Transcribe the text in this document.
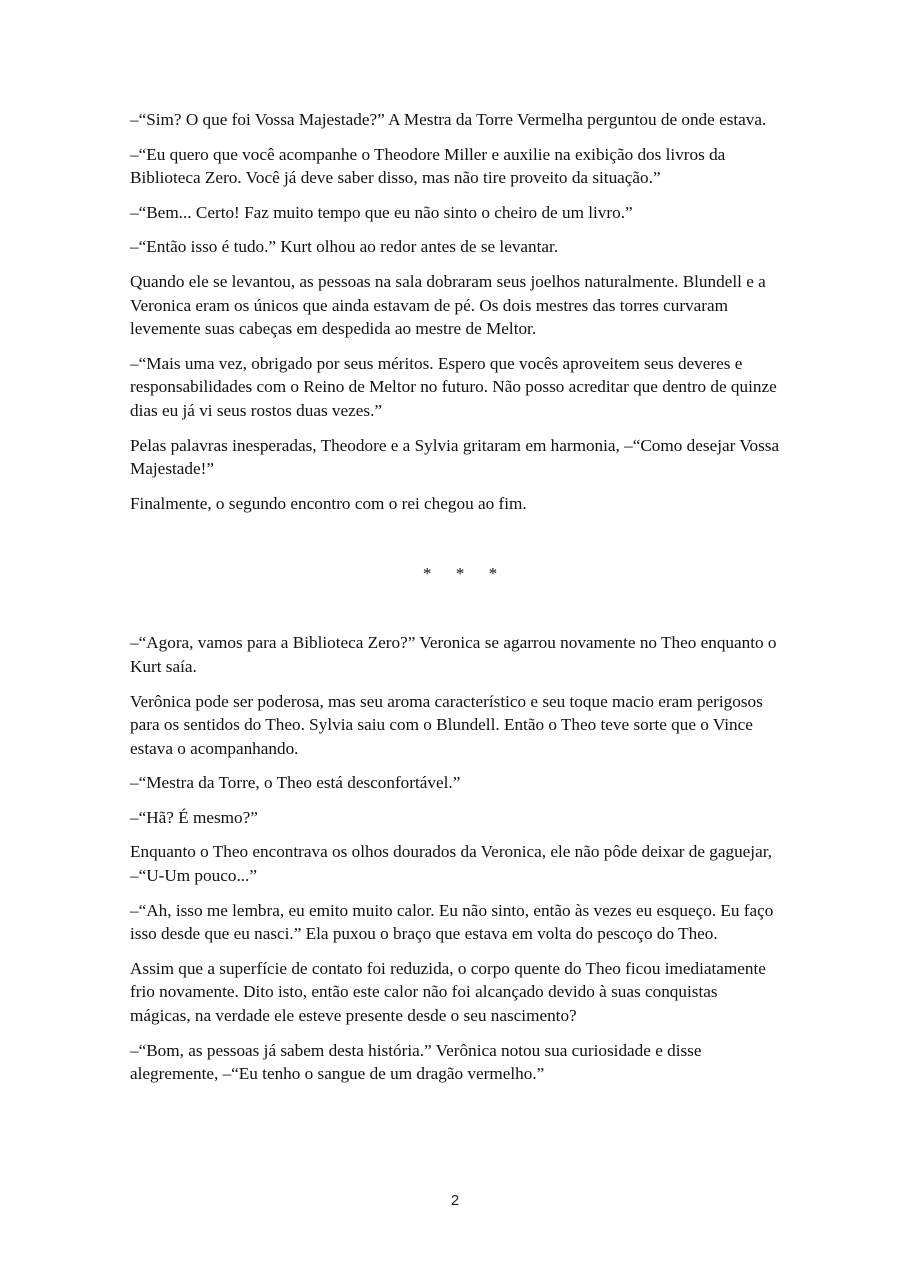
–“Sim? O que foi Vossa Majestade?” A Mestra da Torre Vermelha perguntou de onde estava.

–“Eu quero que você acompanhe o Theodore Miller e auxilie na exibição dos livros da Biblioteca Zero. Você já deve saber disso, mas não tire proveito da situação.”

–“Bem... Certo! Faz muito tempo que eu não sinto o cheiro de um livro.”

–“Então isso é tudo.” Kurt olhou ao redor antes de se levantar.

Quando ele se levantou, as pessoas na sala dobraram seus joelhos naturalmente. Blundell e a Veronica eram os únicos que ainda estavam de pé. Os dois mestres das torres curvaram levemente suas cabeças em despedida ao mestre de Meltor.

–“Mais uma vez, obrigado por seus méritos. Espero que vocês aproveitem seus deveres e responsabilidades com o Reino de Meltor no futuro. Não posso acreditar que dentro de quinze dias eu já vi seus rostos duas vezes.”

Pelas palavras inesperadas, Theodore e a Sylvia gritaram em harmonia, –“Como desejar Vossa Majestade!”

Finalmente, o segundo encontro com o rei chegou ao fim.

* * *

–“Agora, vamos para a Biblioteca Zero?” Veronica se agarrou novamente no Theo enquanto o Kurt saía.

Verônica pode ser poderosa, mas seu aroma característico e seu toque macio eram perigosos para os sentidos do Theo. Sylvia saiu com o Blundell. Então o Theo teve sorte que o Vince estava o acompanhando.

–“Mestra da Torre, o Theo está desconfortável.”

–“Hã? É mesmo?”

Enquanto o Theo encontrava os olhos dourados da Veronica, ele não pôde deixar de gaguejar, –“U-Um pouco...”

–“Ah, isso me lembra, eu emito muito calor. Eu não sinto, então às vezes eu esqueço. Eu faço isso desde que eu nasci.” Ela puxou o braço que estava em volta do pescoço do Theo.

Assim que a superfície de contato foi reduzida, o corpo quente do Theo ficou imediatamente frio novamente. Dito isto, então este calor não foi alcançado devido à suas conquistas mágicas, na verdade ele esteve presente desde o seu nascimento?

–“Bom, as pessoas já sabem desta história.” Verônica notou sua curiosidade e disse alegremente, –“Eu tenho o sangue de um dragão vermelho.”

2
